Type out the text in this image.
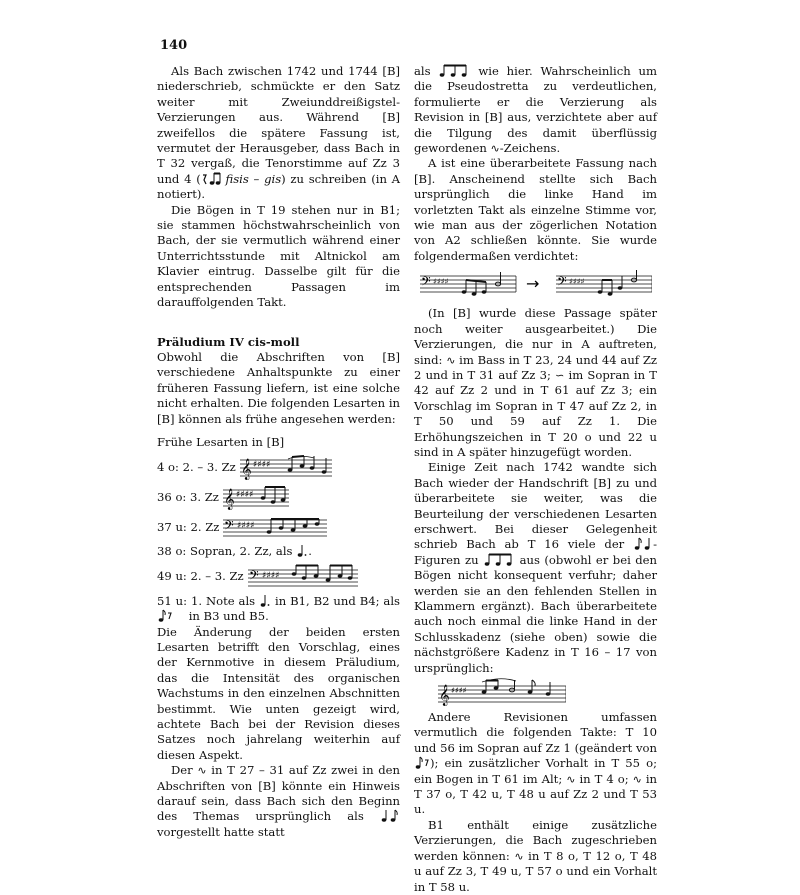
140

Als Bach zwischen 1742 und 1744 [B] niederschrieb, schmückte er den Satz weiter mit Zweiunddreißigstel-Verzierungen aus. Während [B] zweifellos die spätere Fassung ist, vermutet der Herausgeber, dass Bach in T 32 vergaß, die Tenorstimme auf Zz 3 und 4 ( fisis – gis) zu schreiben (in A notiert).

Die Bögen in T 19 stehen nur in B1; sie stammen höchstwahrscheinlich von Bach, der sie vermutlich während einer Unterrichtsstunde mit Altnickol am Klavier eintrug. Dasselbe gilt für die entsprechenden Passagen im darauffolgenden Takt.

Präludium IV cis-moll

Obwohl die Abschriften von [B] verschiedene Anhaltspunkte zu einer früheren Fassung liefern, ist eine solche nicht erhalten. Die folgenden Lesarten in [B] können als frühe angesehen werden:

Frühe Lesarten in [B]

4 o: 2. – 3. Zz 𝄞 ♯♯♯♯
36 o: 3. Zz 𝄞 ♯♯♯♯
37 u: 2. Zz 𝄢 ♯♯♯♯

38 o: Sopran, 2. Zz, als .

49 u: 2. – 3. Zz 𝄢 ♯♯♯♯

51 u: 1. Note als in B1, B2 und B4; als  in B3 und B5.

Die Änderung der beiden ersten Lesarten betrifft den Vorschlag, eines der Kernmotive in diesem Präludium, das die Intensität des organischen Wachstums in den einzelnen Abschnitten bestimmt. Wie unten gezeigt wird, achtete Bach bei der Revision dieses Satzes noch jahrelang weiterhin auf diesen Aspekt.

Der ∿ in T 27 – 31 auf Zz zwei in den Abschriften von [B] könnte ein Hinweis darauf sein, dass Bach sich den Beginn des Themas ursprünglich als  vorgestellt hatte statt

als	wie hier. Wahrscheinlich um die Pseudostretta zu verdeutlichen, formulierte er die Verzierung als Revision in [B] aus, verzichtete aber auf die Tilgung des damit überflüssig gewordenen ∿-Zeichens.

A ist eine überarbeitete Fassung nach [B]. Anscheinend stellte sich Bach ursprünglich die linke Hand im vorletzten Takt als einzelne Stimme vor, wie man aus der zögerlichen Notation von A2 schließen könnte. Sie wurde folgendermaßen verdichtet:

𝄢 ♯♯♯♯	→ 𝄢 ♯♯♯♯

(In [B] wurde diese Passage später noch weiter ausgearbeitet.) Die Verzierungen, die nur in A auftreten, sind: ∿ im Bass in T 23, 24 und 44 auf Zz 2 und in T 31 auf Zz 3; ∽ im Sopran in T 42 auf Zz 2 und in T 61 auf Zz 3; ein Vorschlag im Sopran in T 47 auf Zz 2, in T 50 und 59 auf Zz 1. Die Erhöhungszeichen in T 20 o und 22 u sind in A später hinzugefügt worden.

Einige Zeit nach 1742 wandte sich Bach wieder der Handschrift [B] zu und überarbeitete sie weiter, was die Beurteilung der verschiedenen Lesarten erschwert. Bei dieser Gelegenheit schrieb Bach ab T 16 viele der -Figuren zu	aus (obwohl er bei den Bögen nicht konsequent verfuhr; daher werden sie an den fehlenden Stellen in Klammern ergänzt). Bach überarbeitete auch noch einmal die linke Hand in der Schlusskadenz (siehe oben) sowie die nächstgrößere Kadenz in T 16 – 17 von ursprünglich:

𝄞 ♯♯♯♯

Andere Revisionen umfassen vermutlich die folgenden Takte: T 10 und 56 im Sopran auf Zz 1 (geändert von ); ein zusätzlicher Vorhalt in T 55 o; ein Bogen in T 61 im Alt; ∿ in T 4 o; ∿ in T 37 o, T 42 u, T 48 u auf Zz 2 und T 53 u.

B1 enthält einige zusätzliche Verzierungen, die Bach zugeschrieben werden können: ∿ in T 8 o, T 12 o, T 48 u auf Zz 3, T 49 u, T 57 o und ein Vorhalt in T 58 u.
